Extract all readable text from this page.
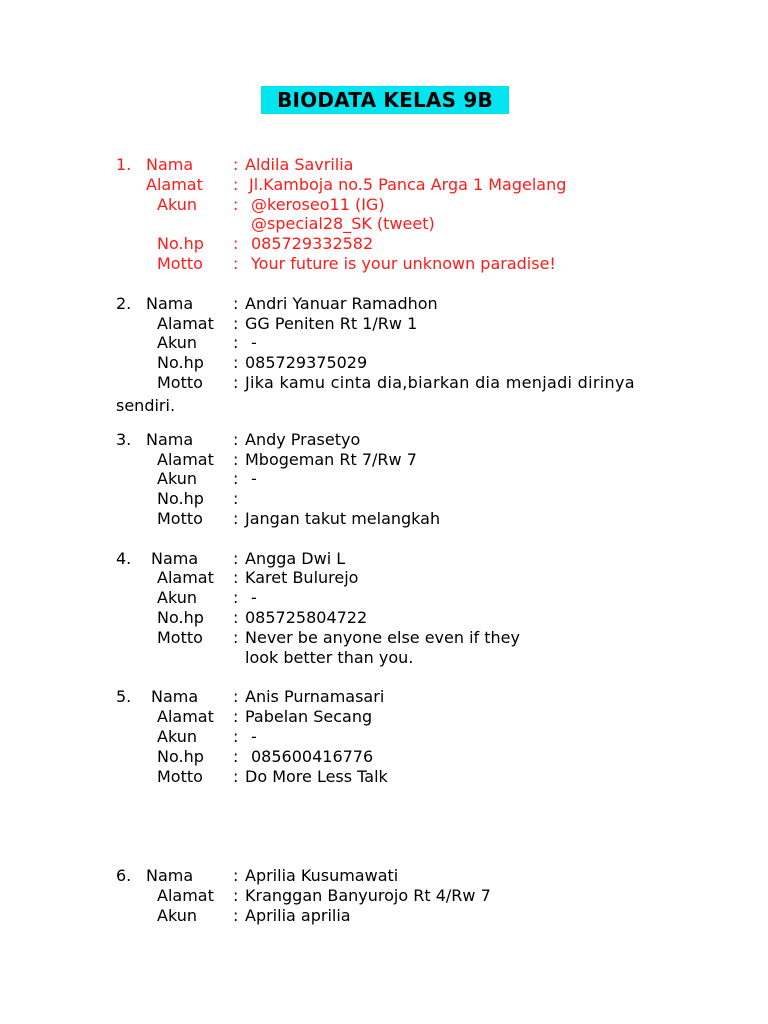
BIODATA KELAS 9B
1. Nama : Aldila Savrilia
Alamat : Jl.Kamboja no.5 Panca Arga 1 Magelang
Akun : @keroseo11 (IG)
@special28_SK (tweet)
No.hp : 085729332582
Motto : Your future is your unknown paradise!
2. Nama : Andri Yanuar Ramadhon
Alamat : GG Peniten Rt 1/Rw 1
Akun : -
No.hp : 085729375029
Motto : Jika kamu cinta dia,biarkan dia menjadi dirinya
sendiri.
3. Nama : Andy Prasetyo
Alamat : Mbogeman Rt 7/Rw 7
Akun : -
No.hp :
Motto : Jangan takut melangkah
4. Nama : Angga Dwi L
Alamat : Karet Bulurejo
Akun : -
No.hp : 085725804722
Motto : Never be anyone else even if they
look better than you.
5. Nama : Anis Purnamasari
Alamat : Pabelan Secang
Akun : -
No.hp : 085600416776
Motto : Do More Less Talk
6. Nama : Aprilia Kusumawati
Alamat : Kranggan Banyurojo Rt 4/Rw 7
Akun : Aprilia aprilia
